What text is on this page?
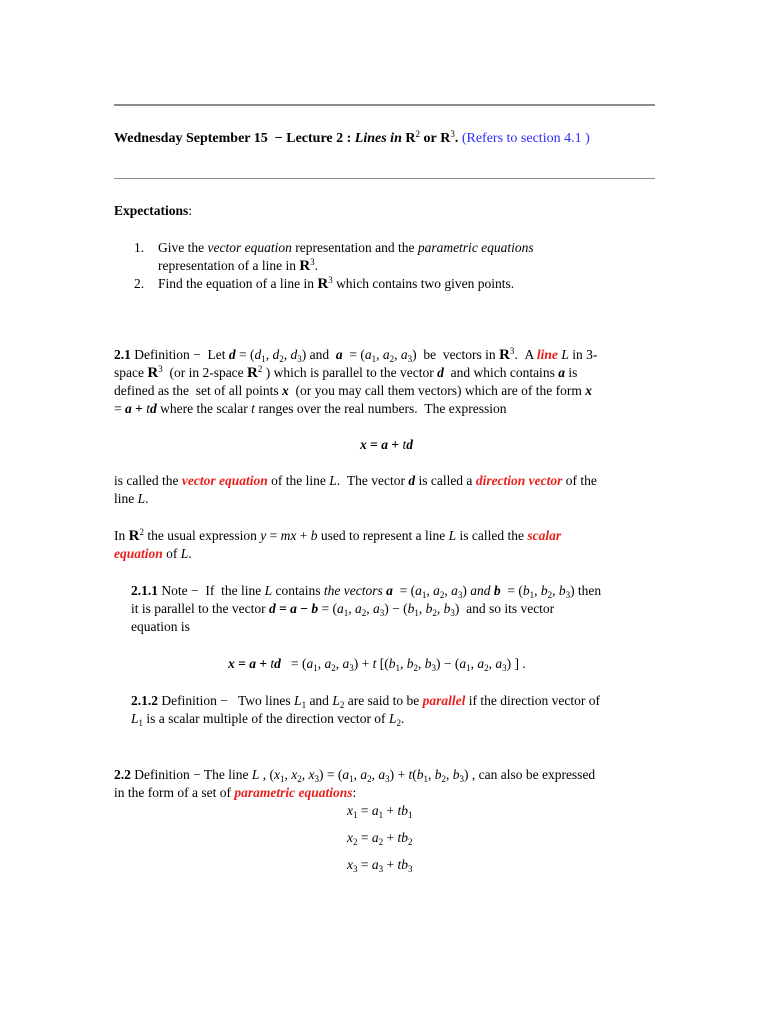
Wednesday September 15 − Lecture 2 : Lines in $R^2$ or $R^3$. (Refers to section 4.1 )
Expectations:
1. Give the vector equation representation and the parametric equations
representation of a line in $R^3$.
2. Find the equation of a line in $R^3$ which contains two given points.

2.1 Definition −  Let $d = (d_1$, $d_2$, $d_3$) and  $a = (a_1$, $a_2$, $a_3$)  be  vectors in $R^3$.  A line L in 3-
space $R^3$  (or in 2-space $R^2$ ) which is parallel to the vector d  and which contains a is
defined as the  set of all points x  (or you may call them vectors) which are of the form x
= a + td where the scalar t ranges over the real numbers.  The expression

x = a + td

is called the vector equation of the line L.  The vector d is called a direction vector of the
line L.

In $R^2$ the usual expression y = mx + b used to represent a line L is called the scalar
equation of L.

2.1.1 Note −  If  the line L contains the vectors $a = (a_1$, $a_2$, $a_3$) and $b = (b_1$, $b_2$, $b_3$) then
it is parallel to the vector $d = a - b = (a_1$, $a_2$, $a_3) - (b_1$, $b_2$, $b_3$)  and so its vector
equation is

x = a + td   = ($a_1$, $a_2$, $a_3) + t$ [($b_1$, $b_2$, $b_3) - (a_1$, $a_2$, $a_3$) ] .

2.1.2 Definition −   Two lines $L_1$ and $L_2$ are said to be parallel if the direction vector of
$L_1$ is a scalar multiple of the direction vector of $L_2$.

2.2 Definition − The line L , ($x_1$, $x_2$, $x_3) = (a_1$, $a_2$, $a_3) + t(b_1$, $b_2$, $b_3$) , can also be expressed
in the form of a set of parametric equations:

$x_1 = a_1 + tb_1$
$x_2 = a_2 + tb_2$
$x_3 = a_3 + tb_3$
